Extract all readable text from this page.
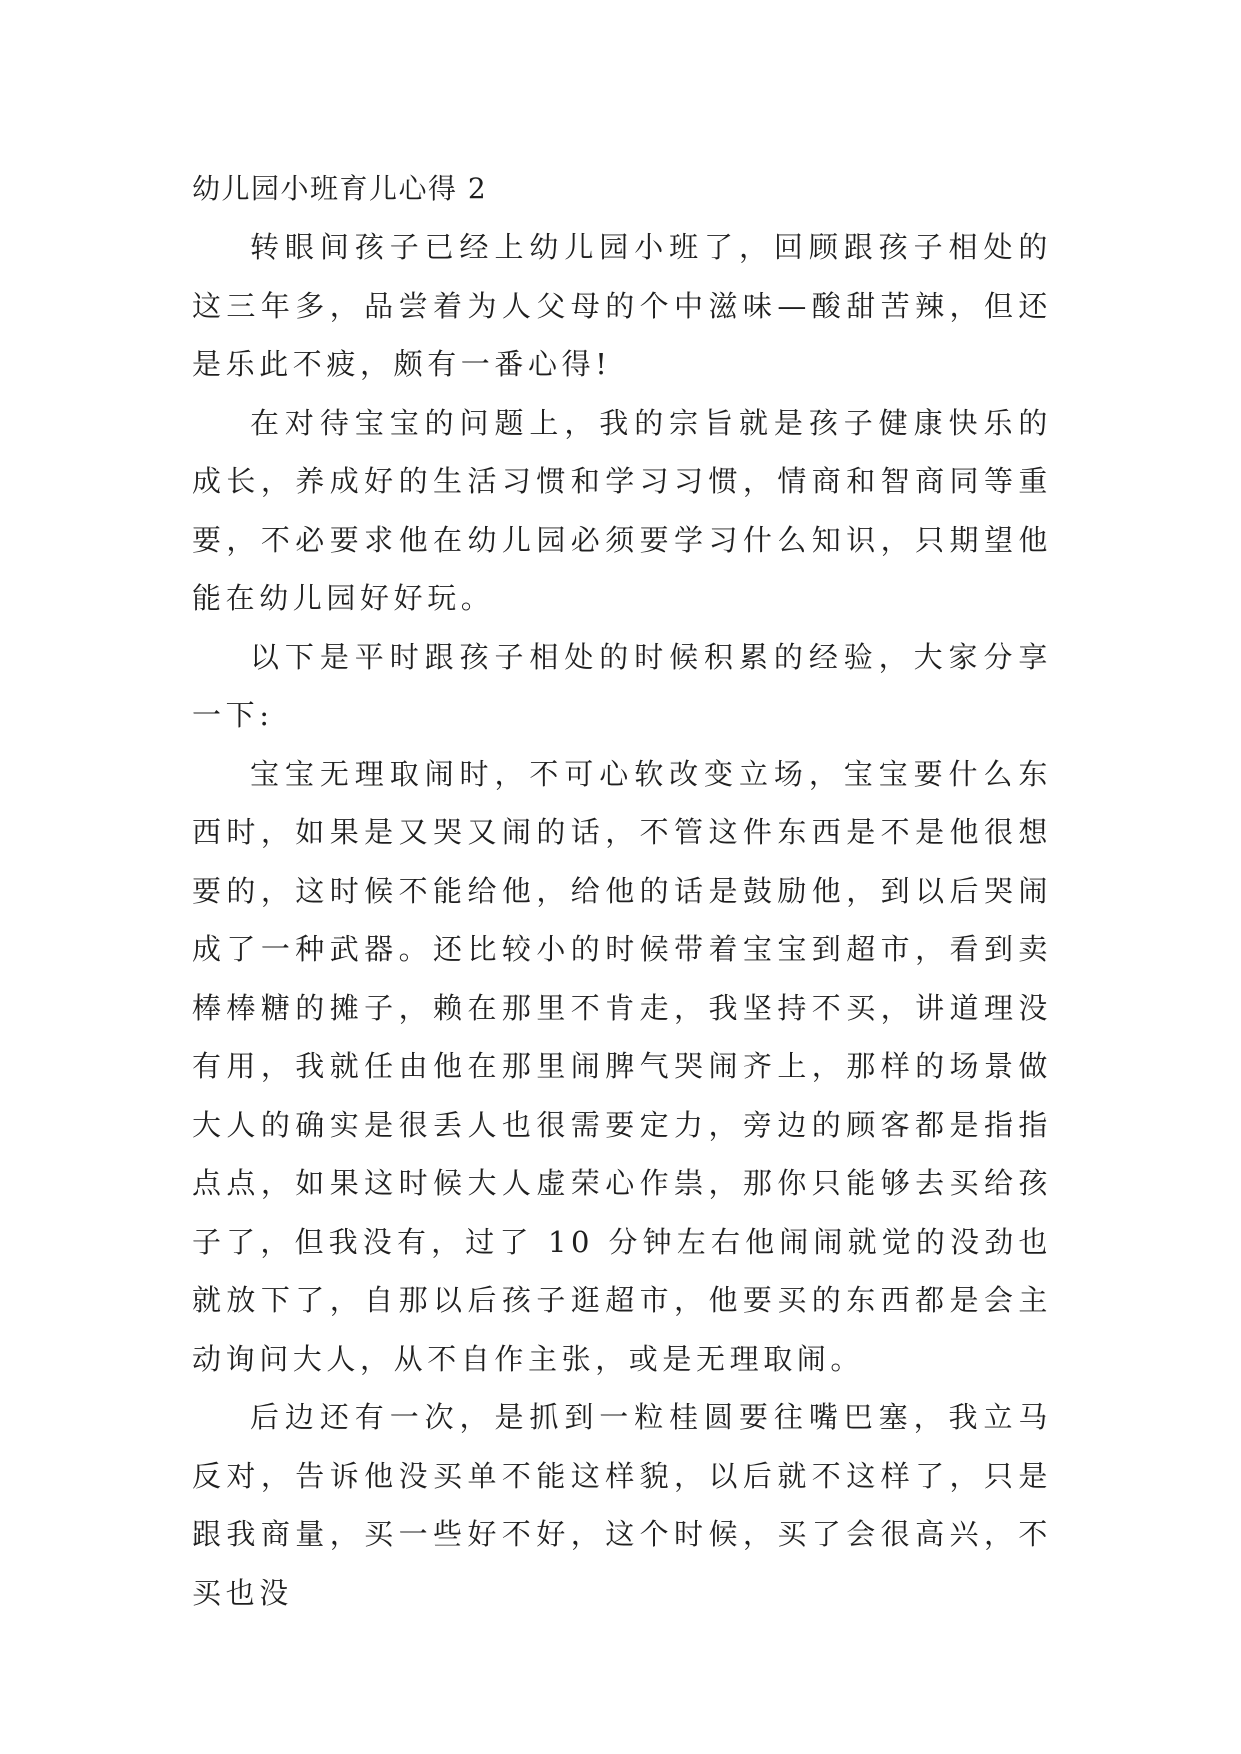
幼儿园小班育儿心得 2

转眼间孩子已经上幼儿园小班了，回顾跟孩子相处的这三年多，品尝着为人父母的个中滋味—酸甜苦辣，但还是乐此不疲，颇有一番心得!

在对待宝宝的问题上，我的宗旨就是孩子健康快乐的成长，养成好的生活习惯和学习习惯，情商和智商同等重要，不必要求他在幼儿园必须要学习什么知识，只期望他能在幼儿园好好玩。

以下是平时跟孩子相处的时候积累的经验，大家分享一下:

宝宝无理取闹时，不可心软改变立场，宝宝要什么东西时，如果是又哭又闹的话，不管这件东西是不是他很想要的，这时候不能给他，给他的话是鼓励他，到以后哭闹成了一种武器。还比较小的时候带着宝宝到超市，看到卖棒棒糖的摊子，赖在那里不肯走，我坚持不买，讲道理没有用，我就任由他在那里闹脾气哭闹齐上，那样的场景做大人的确实是很丢人也很需要定力，旁边的顾客都是指指点点，如果这时候大人虚荣心作祟，那你只能够去买给孩子了，但我没有，过了 10 分钟左右他闹闹就觉的没劲也就放下了，自那以后孩子逛超市，他要买的东西都是会主动询问大人，从不自作主张，或是无理取闹。

后边还有一次，是抓到一粒桂圆要往嘴巴塞，我立马反对，告诉他没买单不能这样貌，以后就不这样了，只是跟我商量，买一些好不好，这个时候，买了会很高兴，不买也没
